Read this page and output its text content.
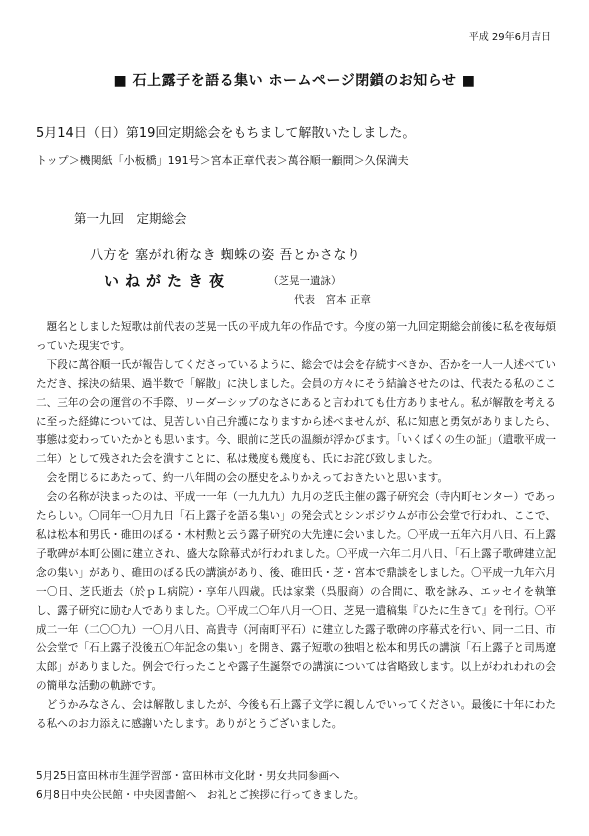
平成 29年6月吉日
■ 石上露子を語る集い ホームページ閉鎖のお知らせ ■
5月14日（日）第19回定期総会をもちまして解散いたしました。
トップ＞機関紙「小板橋」191号＞宮本正章代表＞萬谷順一顧問＞久保満夫
第一九回　定期総会
八方を 塞がれ術なき 蜘蛛の姿 吾とかさなり
いねがたき夜	（芝晃一遺詠）
代表　宮本 正章

題名としました短歌は前代表の芝晃一氏の平成九年の作品です。今度の第一九回定期総会前後に私を夜毎煩っていた現実です。

下段に萬谷順一氏が報告してくださっているように、総会では会を存続すべきか、否かを一人一人述べていただき、採決の結果、過半数で「解散」に決しました。会員の方々にそう結論させたのは、代表たる私のここ二、三年の会の運営の不手際、リーダーシップのなさにあると言われても仕方ありません。私が解散を考えるに至った経緯については、見苦しい自己弁護になりますから述べませんが、私に知恵と勇気がありましたら、事態は変わっていたかとも思います。今、眼前に芝氏の温顔が浮かびます。「いくばくの生の証」（遺歌平成一二年）として残された会を潰すことに、私は幾度も幾度も、氏にお詫び致しました。

会を閉じるにあたって、約一八年間の会の歴史をふりかえっておきたいと思います。

会の名称が決まったのは、平成一一年（一九九九）九月の芝氏主催の露子研究会（寺内町センター）であったらしい。〇同年一〇月九日「石上露子を語る集い」の発会式とシンポジウムが市公会堂で行われ、ここで、私は松本和男氏・碓田のぼる・木村勲と云う露子研究の大先達に会いました。〇平成一五年六月八日、石上露子歌碑が本町公園に建立され、盛大な除幕式が行われました。〇平成一六年二月八日、「石上露子歌碑建立記念の集い」があり、碓田のぼる氏の講演があり、後、碓田氏・芝・宮本で鼎談をしました。〇平成一九年六月一〇日、芝氏逝去（於ｐＬ病院）・享年八四歳。氏は家業（呉服商）の合間に、歌を詠み、エッセイを執筆し、露子研究に励む人でありました。〇平成二〇年八月一〇日、芝晃一遺稿集『ひたに生きて』を刊行。〇平成二一年（二〇〇九）一〇月八日、高貴寺（河南町平石）に建立した露子歌碑の序幕式を行い、同一二日、市公会堂で「石上露子没後五〇年記念の集い」を開き、露子短歌の独唱と松本和男氏の講演「石上露子と司馬遼太郎」がありました。例会で行ったことや露子生誕祭での講演については省略致します。以上がわれわれの会の簡単な活動の軌跡です。

どうかみなさん、会は解散しましたが、今後も石上露子文学に親しんでいってください。最後に十年にわたる私へのお力添えに感謝いたします。ありがとうございました。

5月25日富田林市生涯学習部・富田林市文化財・男女共同参画へ
6月8日中央公民館・中央図書館へ　お礼とご挨拶に行ってきました。
